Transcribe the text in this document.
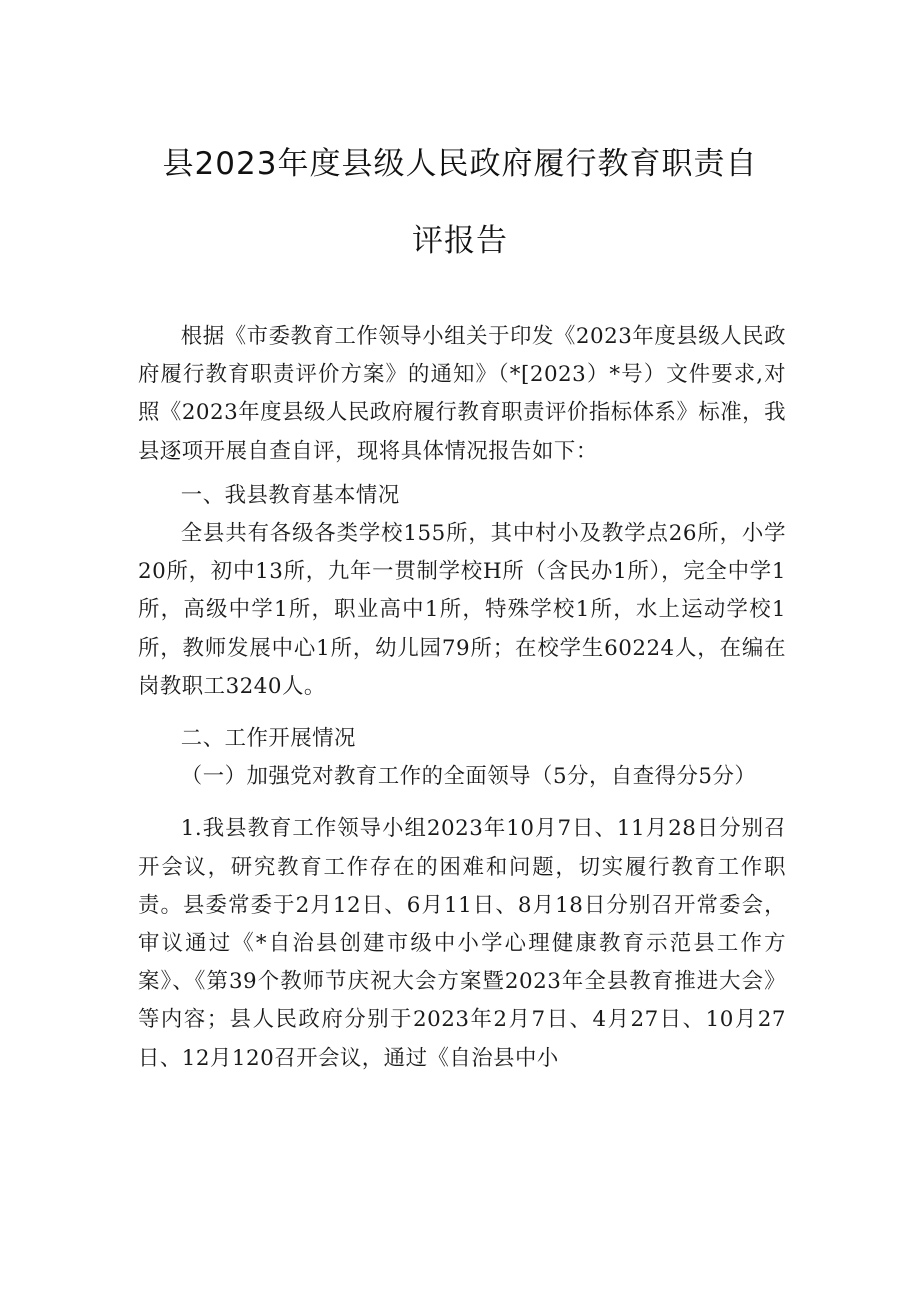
县2023年度县级人民政府履行教育职责自
评报告

根据《市委教育工作领导小组关于印发《2023年度县级人民政府履行教育职责评价方案》的通知》（*[2023）*号）文件要求,对照《2023年度县级人民政府履行教育职责评价指标体系》标准，我县逐项开展自查自评，现将具体情况报告如下：

一、我县教育基本情况

全县共有各级各类学校155所，其中村小及教学点26所，小学20所，初中13所，九年一贯制学校H所（含民办1所），完全中学1所，高级中学1所，职业高中1所，特殊学校1所，水上运动学校1所，教师发展中心1所，幼儿园79所；在校学生60224人，在编在岗教职工3240人。

二、工作开展情况

（一）加强党对教育工作的全面领导（5分，自查得分5分）

1.我县教育工作领导小组2023年10月7日、11月28日分别召开会议，研究教育工作存在的困难和问题，切实履行教育工作职责。县委常委于2月12日、6月11日、8月18日分别召开常委会，审议通过《*自治县创建市级中小学心理健康教育示范县工作方案》、《第39个教师节庆祝大会方案暨2023年全县教育推进大会》等内容；县人民政府分别于2023年2月7日、4月27日、10月27日、12月120召开会议，通过《自治县中小
